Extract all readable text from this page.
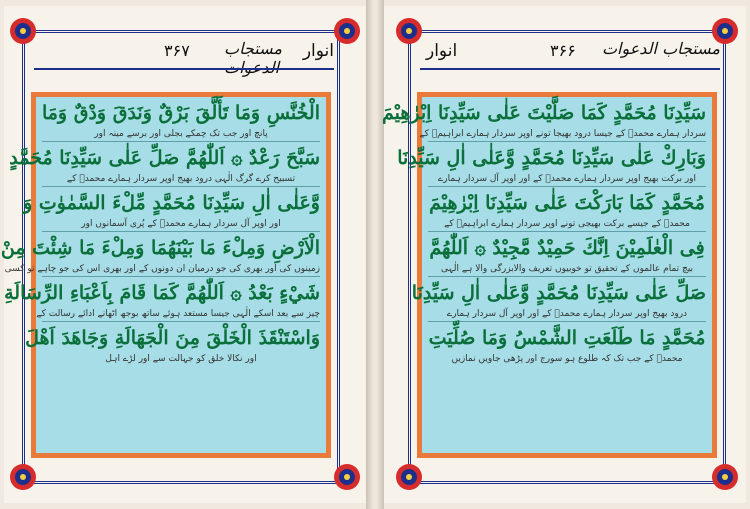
انوار
۳۶۷ مستجاب
الْخُنَّسِ وَمَا تَأَلَّقَ بَرْقٌ وَنَدَقَ وَدْقٌ وَمَا
پانچ اور جب تک چمکے بجلی اور برسے مینہ اور
سَبَّحَ رَعْدٌ ۞ اَللّٰهُمَّ صَلِّ عَلٰى سَيِّدِنَا مُحَمَّدٍ
تسبیح کرے گرگ الٰہی درود بھیج اوپر سردار ہمارے محمدؐ کے
وَّعَلٰى اٰلِ سَيِّدِنَا مُحَمَّدٍ مِّلْءَ السَّمٰوٰتِ وَ
اور اوپر آل سردار ہمارے محمدؐ کے پُری آسمانوں اور
الْاَرْضِ وَمِلْءَ مَا بَيْنَهُمَا وَمِلْءَ مَا شِئْتَ مِنْ
زمینوں کی اور بھری کی جو درمیان ان دونوں کے اور بھری اس کی جو چاہے تو کسی
شَيْءٍ بَعْدُ ۞ اَللّٰهُمَّ كَمَا قَامَ بِاَعْبَاءِ الرِّسَالَةِ
چیز سے بعد اسکے الٰہی جیسا مستعد ہوئے ساتھ بوجھ اٹھانے ادائے رسالت کے
وَاسْتَنْقَذَ الْخَلْقَ مِنَ الْجَهَالَةِ وَجَاهَدَ اَهْلَ
اور نکالا خلق کو جہالت سے اور لڑے اہل
انوار	۳۶۶ مستجاب الدعوات
سَيِّدِنَا مُحَمَّدٍ كَمَا صَلَّيْتَ عَلٰى سَيِّدِنَا اِبْرٰهِيْمَ
سردار ہمارے محمدؐ کے جیسا درود بھیجا تونے اوپر سردار ہمارے ابراہیمؑ کے
وَبَارِكْ عَلٰى سَيِّدِنَا مُحَمَّدٍ وَّعَلٰى اٰلِ سَيِّدِنَا
اور برکت بھیج اوپر سردار ہمارے محمدؐ کے اور اوپر آل سردار ہمارے
مُحَمَّدٍ كَمَا بَارَكْتَ عَلٰى سَيِّدِنَا اِبْرٰهِيْمَ
محمدؐ کے جیسے برکت بھیجی تونے اوپر سردار ہمارے ابراہیمؑ کے
فِى الْعٰلَمِيْنَ اِنَّكَ حَمِيْدٌ مَّجِيْدٌ ۞ اَللّٰهُمَّ
بیچ تمام عالموں کے تحقیق تو خوبیوں تعریف والابزرگی والا ہے الٰہی
صَلِّ عَلٰى سَيِّدِنَا مُحَمَّدٍ وَّعَلٰى اٰلِ سَيِّدِنَا
درود بھیج اوپر سردار ہمارے محمدؐ کے اور اوپر آل سردار ہمارے
مُحَمَّدٍ مَا طَلَعَتِ الشَّمْسُ وَمَا صُلِّيَتِ
محمدؐ کے جب تک کہ طلوع ہو سورج اور پڑھی جاویں نمازیں
